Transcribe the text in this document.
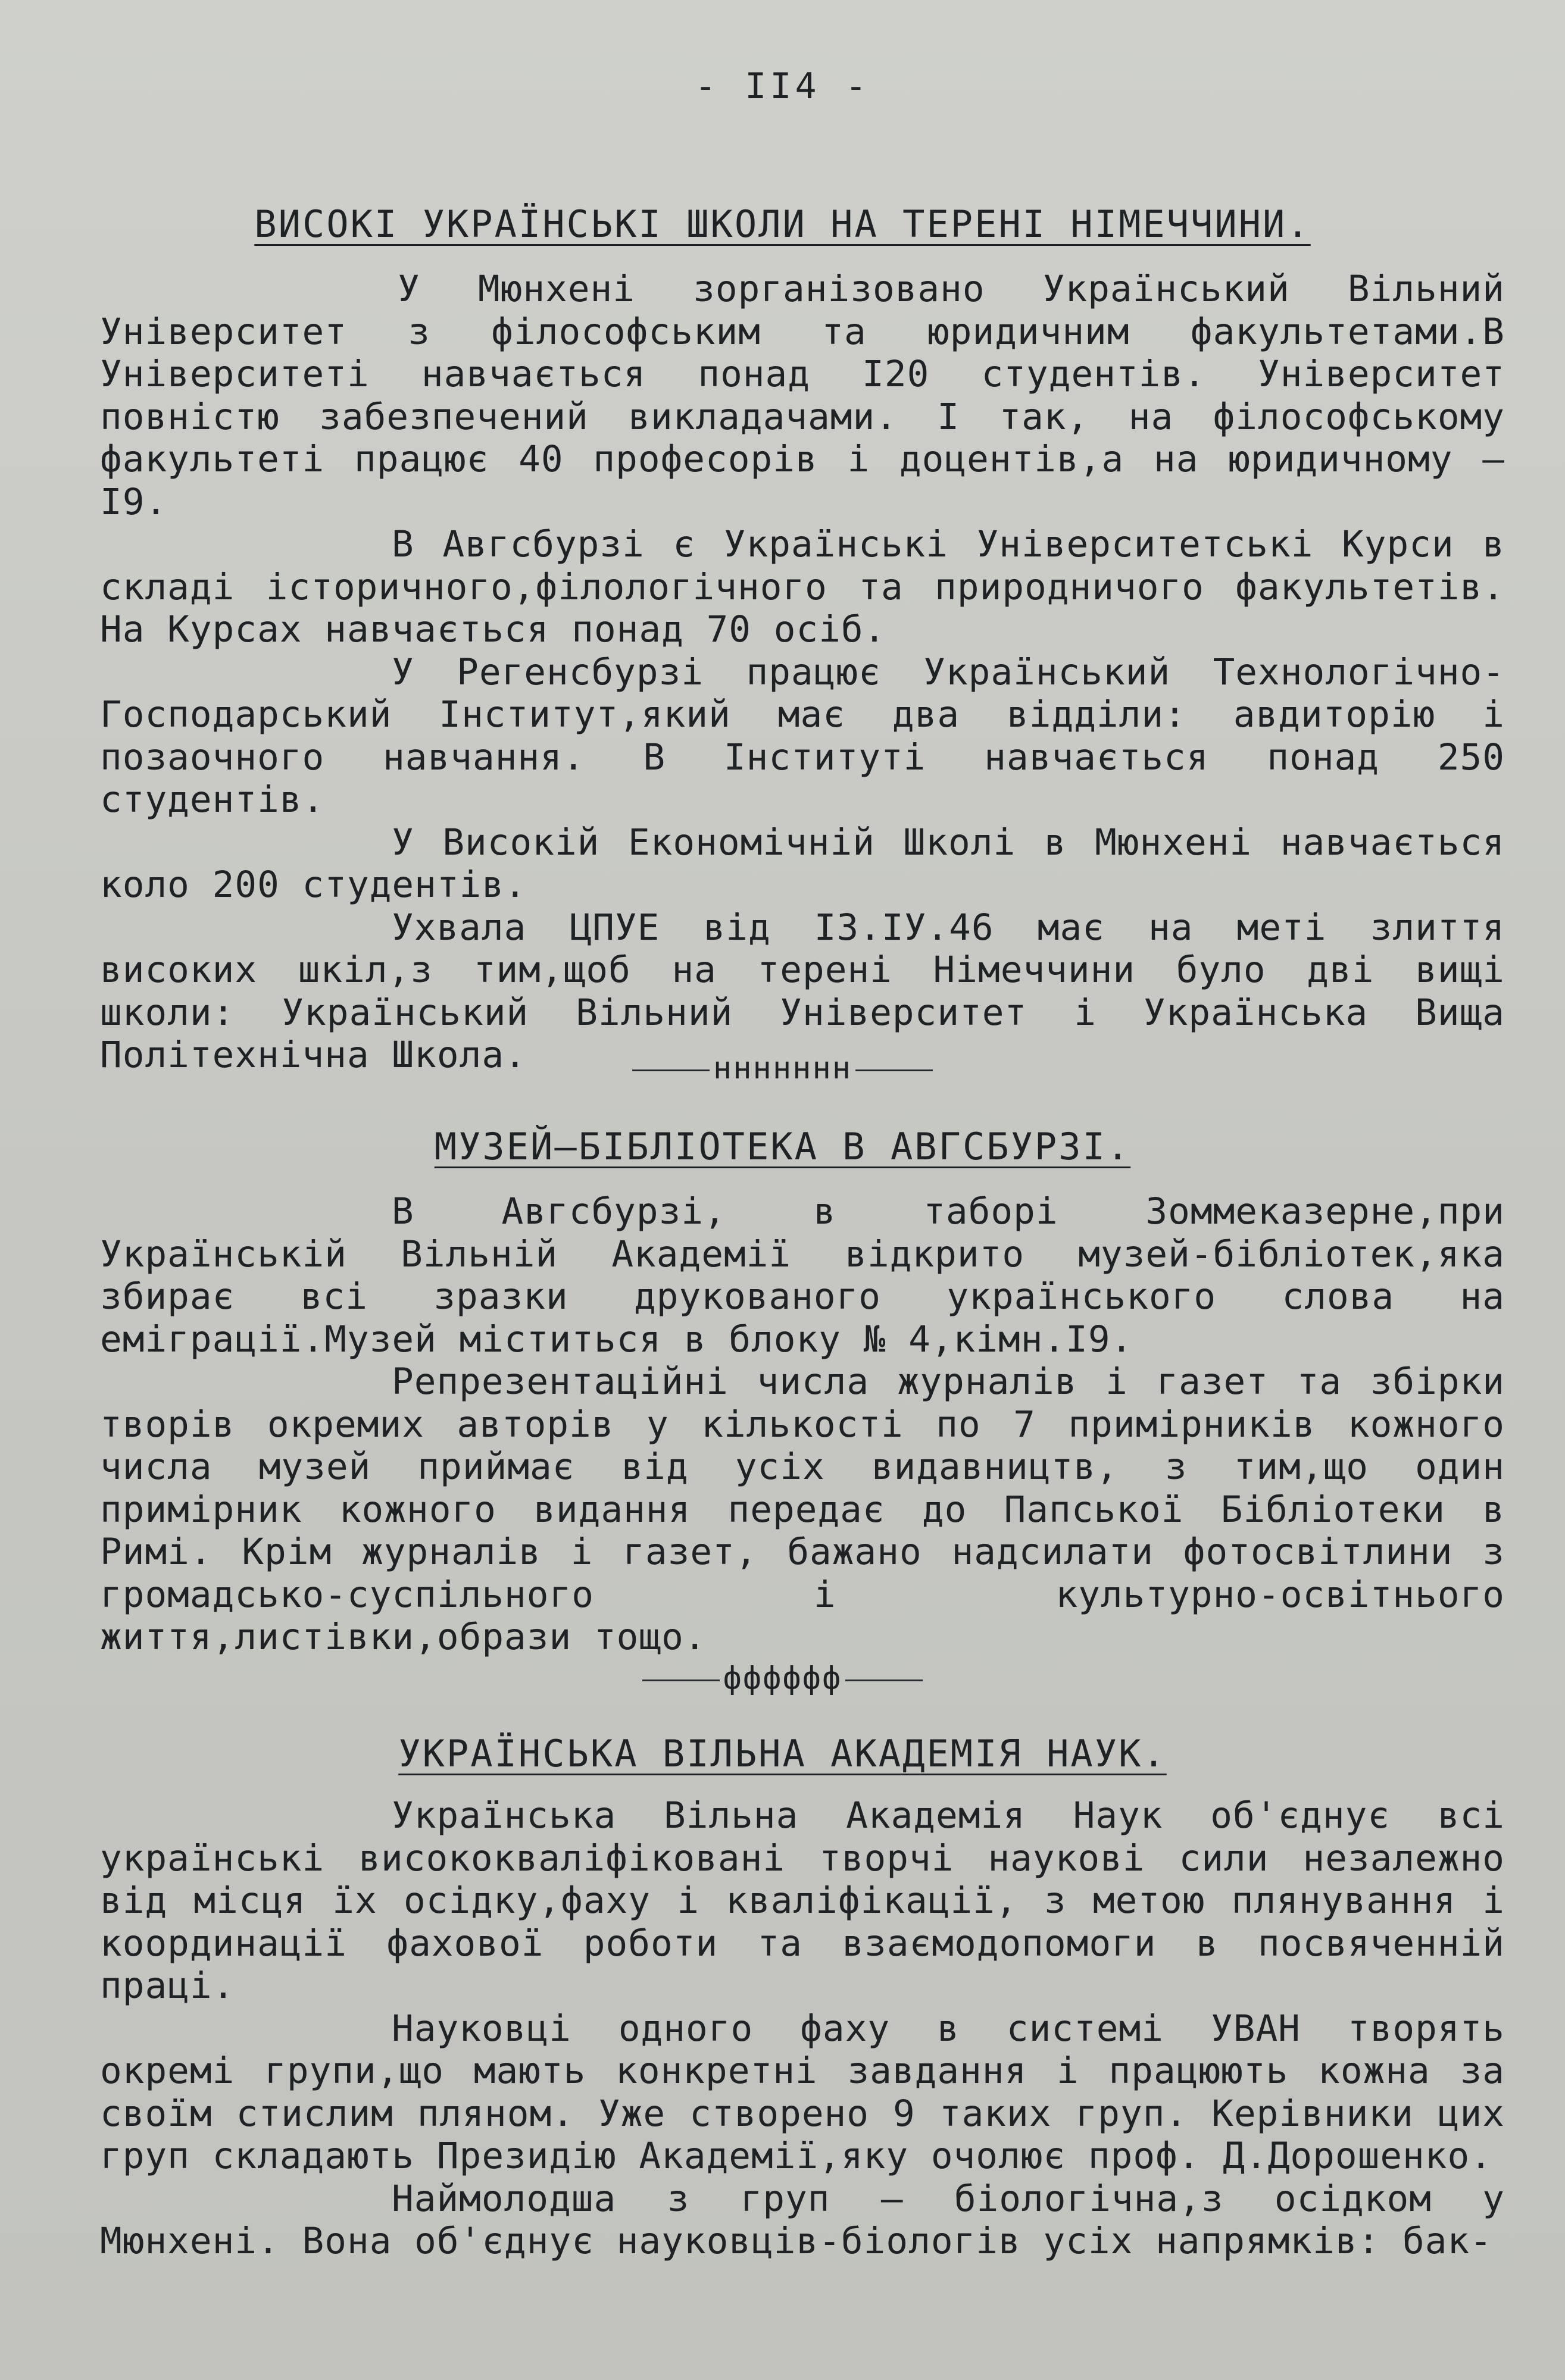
- II4 -
ВИСОКІ УКРАЇНСЬКІ ШКОЛИ НА ТЕРЕНІ НІМЕЧЧИНИ.

У Мюнхені зорганізовано Український Вільний Університет з філософським та юридичним факультетами.В Університеті навчається понад I20 студентів. Університет повністю забезпечений викладачами. I так, на філософському факультеті працює 40 професорів і доцентів,а на юридичному – I9.

В Авгсбурзі є Українські Університетські Курси в складі історичного,філологічного та природничого факультетів. На Курсах навчається понад 70 осіб.

У Регенсбурзі працює Український Технологічно-Господарський Інститут,який має два відділи: авдиторію і позаочного навчання. В Інституті навчається понад 250 студентів.

У Високій Економічній Школі в Мюнхені навчається коло 200 студентів.

Ухвала ЦПУЕ від I3.IУ.46 має на меті злиття високих шкіл,з тим,щоб на терені Німеччини було дві вищі школи: Український Вільний Університет і Українська Вища Політехнічна Школа.	ннннннн
МУЗЕЙ–БІБЛІОТЕКА В АВГСБУРЗІ.

В Авгсбурзі, в таборі Зоммеказерне,при Українській Вільній Академії відкрито музей-бібліотек,яка збирає всі зразки друкованого українського слова на еміграції.Музей міститься в блоку № 4,кімн.I9.

Репрезентаційні числа журналів і газет та збірки творів окремих авторів у кількості по 7 примірників кожного числа музей приймає від усіх видавництв, з тим,що один примірник кожного видання передає до Папської Бібліотеки в Римі. Крім журналів і газет, бажано надсилати фотосвітлини з громадсько-суспільного і культурно-освітнього життя,листівки,образи тощо.

фффффф
УКРАЇНСЬКА ВІЛЬНА АКАДЕМІЯ НАУК.

Українська Вільна Академія Наук об'єднує всі українські висококваліфіковані творчі наукові сили незалежно від місця їх осідку,фаху і кваліфікації, з метою плянування і координації фахової роботи та взаємодопомоги в посвяченній праці.

Науковці одного фаху в системі УВАН творять окремі групи,що мають конкретні завдання і працюють кожна за своїм стислим пляном. Уже створено 9 таких груп. Керівники цих груп складають Президію Академії,яку очолює проф. Д.Дорошенко.

Наймолодша з груп – біологічна,з осідком у Мюнхені. Вона об'єднує науковців-біологів усіх напрямків: бак-
